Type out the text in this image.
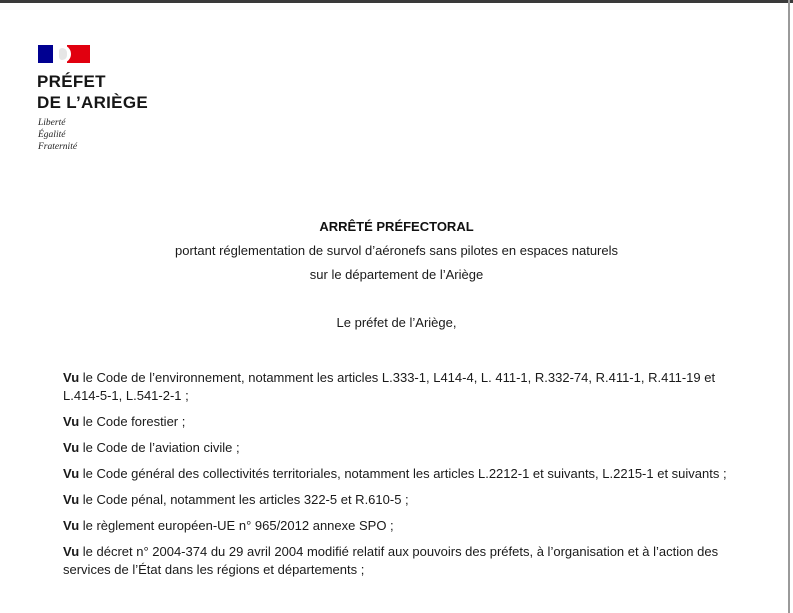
PRÉFET
DE L’ARIÈGE
Liberté
Égalité
Fraternité
ARRÊTÉ PRÉFECTORAL
portant réglementation de survol d’aéronefs sans pilotes en espaces naturels
sur le département de l’Ariège
Le préfet de l’Ariège,
Vu le Code de l’environnement, notamment les articles L.333-1, L414-4, L. 411-1, R.332-74, R.411-1, R.411-19 et L.414-5-1, L.541-2-1 ;
Vu le Code forestier ;
Vu le Code de l’aviation civile ;
Vu le Code général des collectivités territoriales, notamment les articles L.2212-1 et suivants, L.2215-1 et suivants ;
Vu le Code pénal, notamment les articles 322-5 et R.610-5 ;
Vu le règlement européen-UE n° 965/2012 annexe SPO ;
Vu le décret n° 2004-374 du 29 avril 2004 modifié relatif aux pouvoirs des préfets, à l’organisation et à l’action des services de l’État dans les régions et départements ;
